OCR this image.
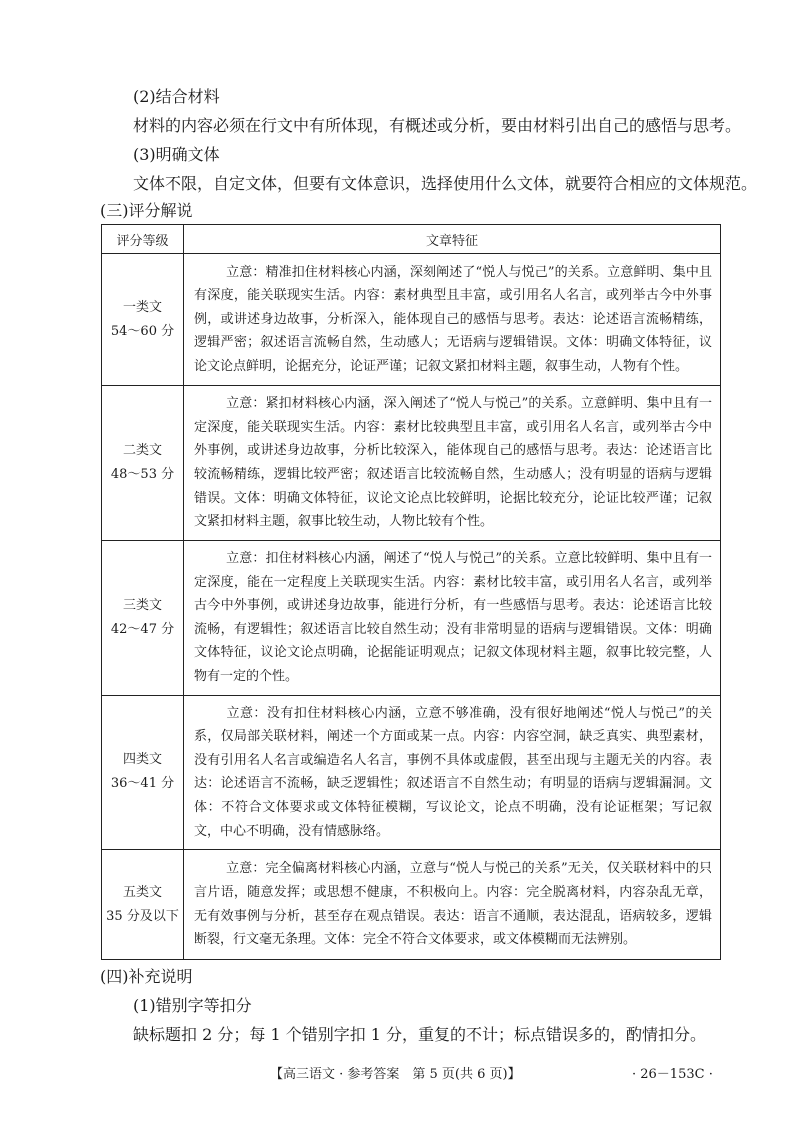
(2)结合材料
材料的内容必须在行文中有所体现，有概述或分析，要由材料引出自己的感悟与思考。
(3)明确文体
文体不限，自定文体，但要有文体意识，选择使用什么文体，就要符合相应的文体规范。
(三)评分解说
评分等级	文章特征

一类文
54～60 分	立意：精准扣住材料核心内涵，深刻阐述了“悦人与悦己”的关系。立意鲜明、集中且有深度，能关联现实生活。内容：素材典型且丰富，或引用名人名言，或列举古今中外事例，或讲述身边故事，分析深入，能体现自己的感悟与思考。表达：论述语言流畅精练，逻辑严密；叙述语言流畅自然，生动感人；无语病与逻辑错误。文体：明确文体特征，议论文论点鲜明，论据充分，论证严谨；记叙文紧扣材料主题，叙事生动，人物有个性。

二类文
48～53 分	立意：紧扣材料核心内涵，深入阐述了“悦人与悦己”的关系。立意鲜明、集中且有一定深度，能关联现实生活。内容：素材比较典型且丰富，或引用名人名言，或列举古今中外事例，或讲述身边故事，分析比较深入，能体现自己的感悟与思考。表达：论述语言比较流畅精练，逻辑比较严密；叙述语言比较流畅自然，生动感人；没有明显的语病与逻辑错误。文体：明确文体特征，议论文论点比较鲜明，论据比较充分，论证比较严谨；记叙文紧扣材料主题，叙事比较生动，人物比较有个性。

三类文
42～47 分	立意：扣住材料核心内涵，阐述了“悦人与悦己”的关系。立意比较鲜明、集中且有一定深度，能在一定程度上关联现实生活。内容：素材比较丰富，或引用名人名言，或列举古今中外事例，或讲述身边故事，能进行分析，有一些感悟与思考。表达：论述语言比较流畅，有逻辑性；叙述语言比较自然生动；没有非常明显的语病与逻辑错误。文体：明确文体特征，议论文论点明确，论据能证明观点；记叙文体现材料主题，叙事比较完整，人物有一定的个性。

四类文
36～41 分	立意：没有扣住材料核心内涵，立意不够准确，没有很好地阐述“悦人与悦己”的关系，仅局部关联材料，阐述一个方面或某一点。内容：内容空洞，缺乏真实、典型素材，没有引用名人名言或编造名人名言，事例不具体或虚假，甚至出现与主题无关的内容。表达：论述语言不流畅，缺乏逻辑性；叙述语言不自然生动；有明显的语病与逻辑漏洞。文体：不符合文体要求或文体特征模糊，写议论文，论点不明确，没有论证框架；写记叙文，中心不明确，没有情感脉络。

五类文
35 分及以下	立意：完全偏离材料核心内涵，立意与“悦人与悦己的关系”无关，仅关联材料中的只言片语，随意发挥；或思想不健康，不积极向上。内容：完全脱离材料，内容杂乱无章，无有效事例与分析，甚至存在观点错误。表达：语言不通顺，表达混乱，语病较多，逻辑断裂，行文毫无条理。文体：完全不符合文体要求，或文体模糊而无法辨别。
(四)补充说明
(1)错别字等扣分
缺标题扣 2 分；每 1 个错别字扣 1 分，重复的不计；标点错误多的，酌情扣分。
【高三语文 · 参考答案　第 5 页(共 6 页)】	· 26－153C ·
